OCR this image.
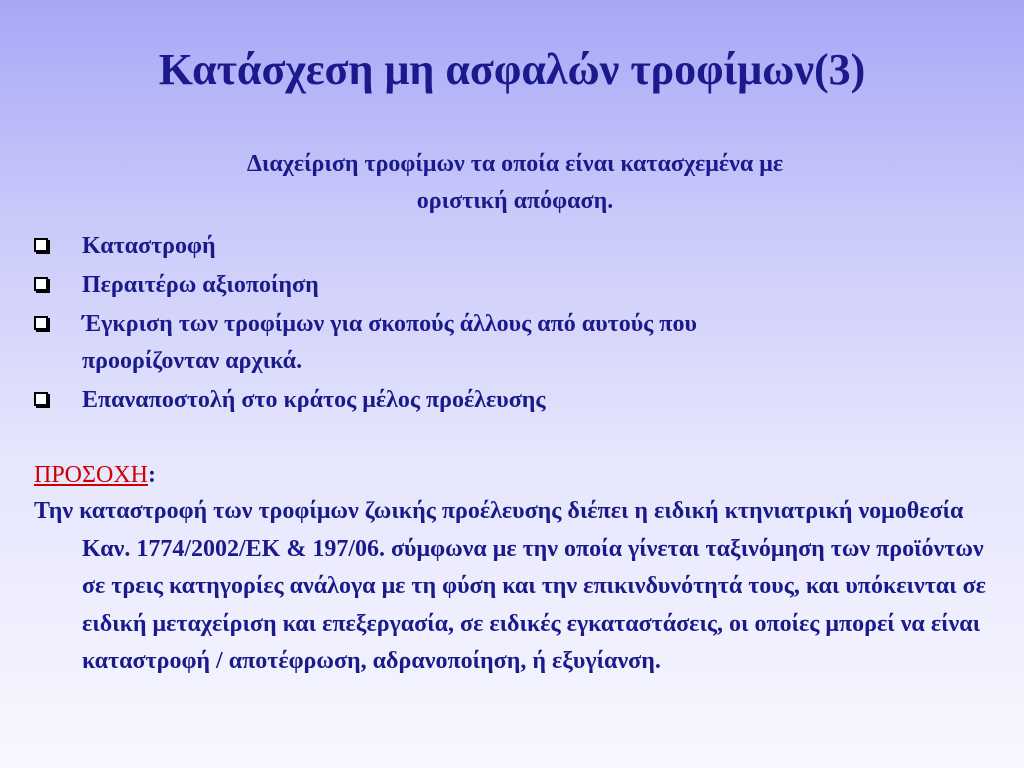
Κατάσχεση μη ασφαλών τροφίμων(3)
Διαχείριση τροφίμων τα οποία είναι κατασχεμένα με
οριστική απόφαση.
Καταστροφή
Περαιτέρω αξιοποίηση
Έγκριση των τροφίμων για σκοπούς άλλους από αυτούς που
προορίζονταν αρχικά.
Επαναποστολή στο κράτος μέλος προέλευσης
ΠΡΟΣΟΧΗ:
Την καταστροφή των τροφίμων ζωικής προέλευσης διέπει η ειδική κτηνιατρική νομοθεσία Καν. 1774/2002/ΕΚ & 197/06. σύμφωνα με την οποία γίνεται ταξινόμηση των προϊόντων σε τρεις κατηγορίες ανάλογα με τη φύση και την επικινδυνότητά τους, και υπόκεινται σε ειδική μεταχείριση και επεξεργασία, σε ειδικές εγκαταστάσεις, οι οποίες μπορεί να είναι καταστροφή / αποτέφρωση, αδρανοποίηση, ή εξυγίανση.
